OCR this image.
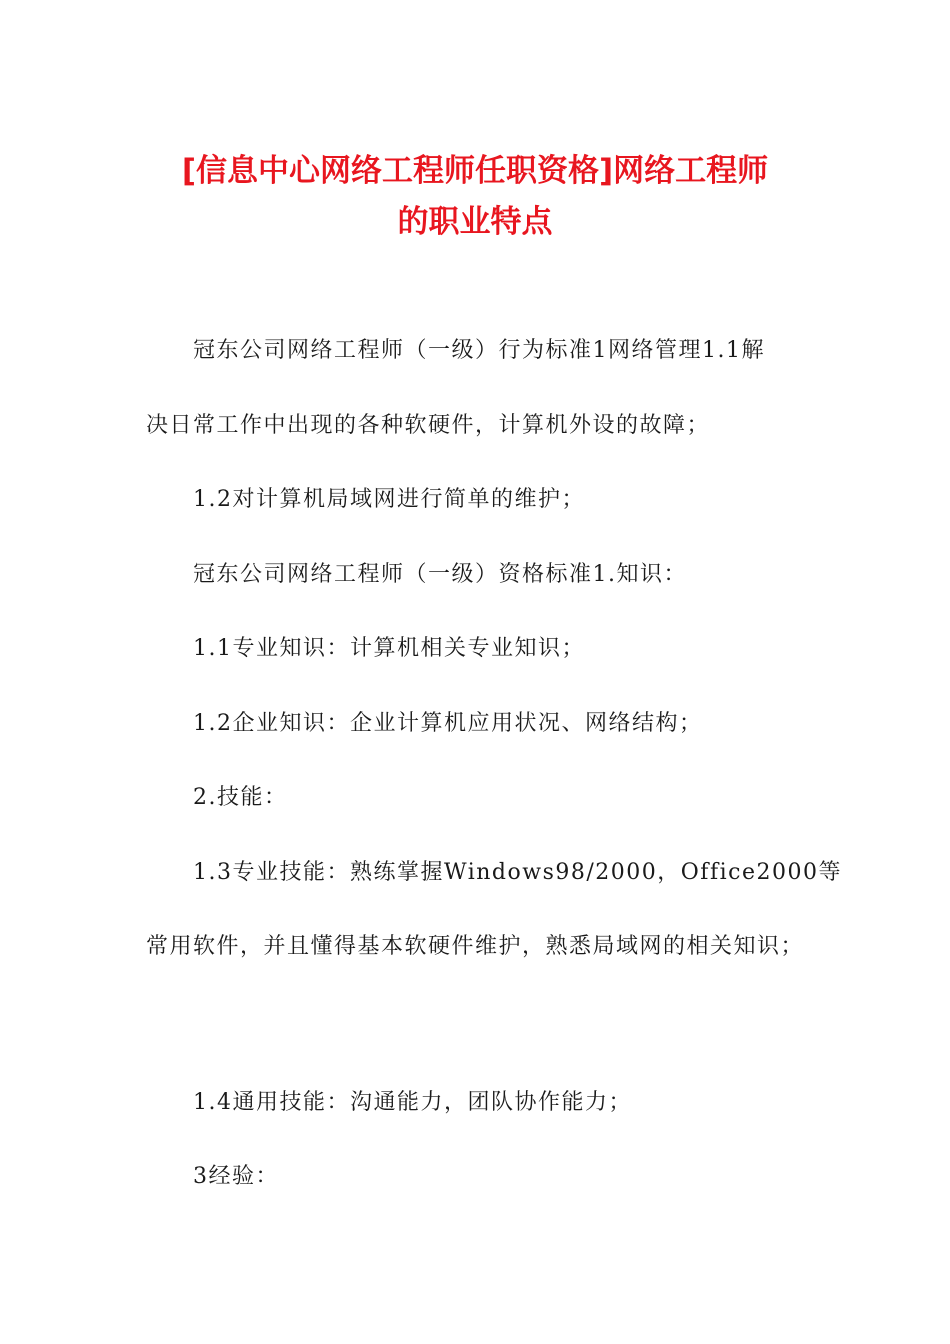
[信息中心网络工程师任职资格]网络工程师
的职业特点
冠东公司网络工程师（一级）行为标准1网络管理1.1解
决日常工作中出现的各种软硬件，计算机外设的故障；
1.2对计算机局域网进行简单的维护；
冠东公司网络工程师（一级）资格标准1.知识：
1.1专业知识：计算机相关专业知识；
1.2企业知识：企业计算机应用状况、网络结构；
2.技能：
1.3专业技能：熟练掌握Windows98/2000，Office2000等
常用软件，并且懂得基本软硬件维护，熟悉局域网的相关知识；
1.4通用技能：沟通能力，团队协作能力；
3经验：
